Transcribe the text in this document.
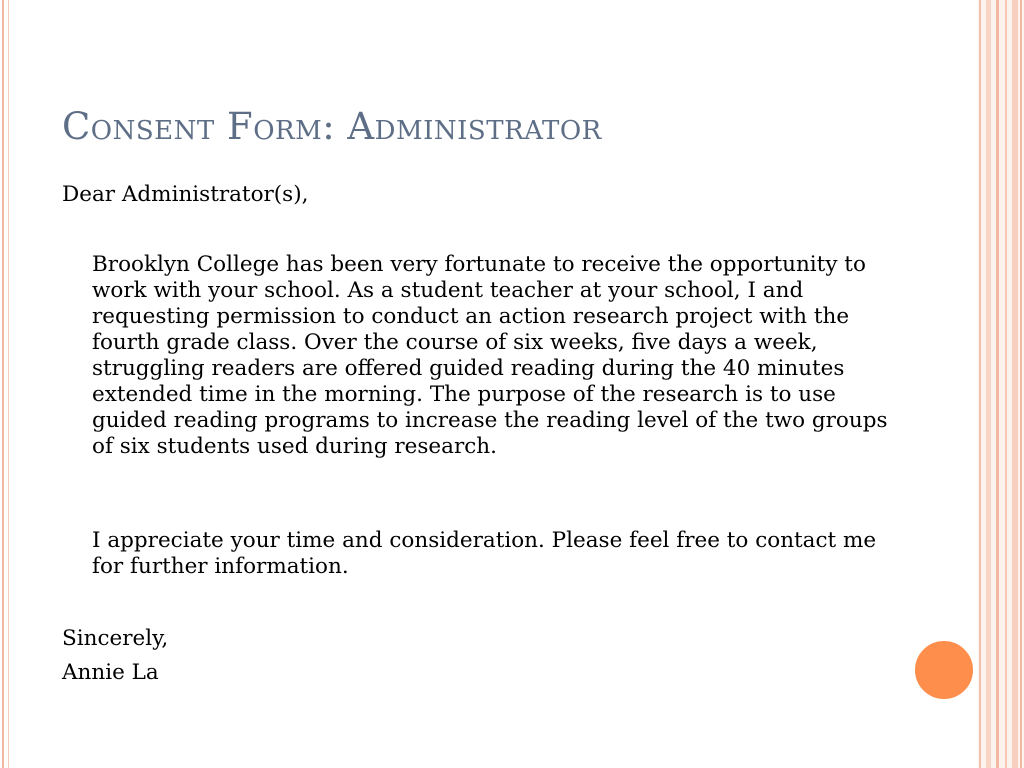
Consent Form: Administrator

Dear Administrator(s),

Brooklyn College has been very fortunate to receive the opportunity to work with your school. As a student teacher at your school, I and requesting permission to conduct an action research project with the fourth grade class. Over the course of six weeks, five days a week, struggling readers are offered guided reading during the 40 minutes extended time in the morning. The purpose of the research is to use guided reading programs to increase the reading level of the two groups of six students used during research.

I appreciate your time and consideration. Please feel free to contact me for further information.

Sincerely,
Annie La
